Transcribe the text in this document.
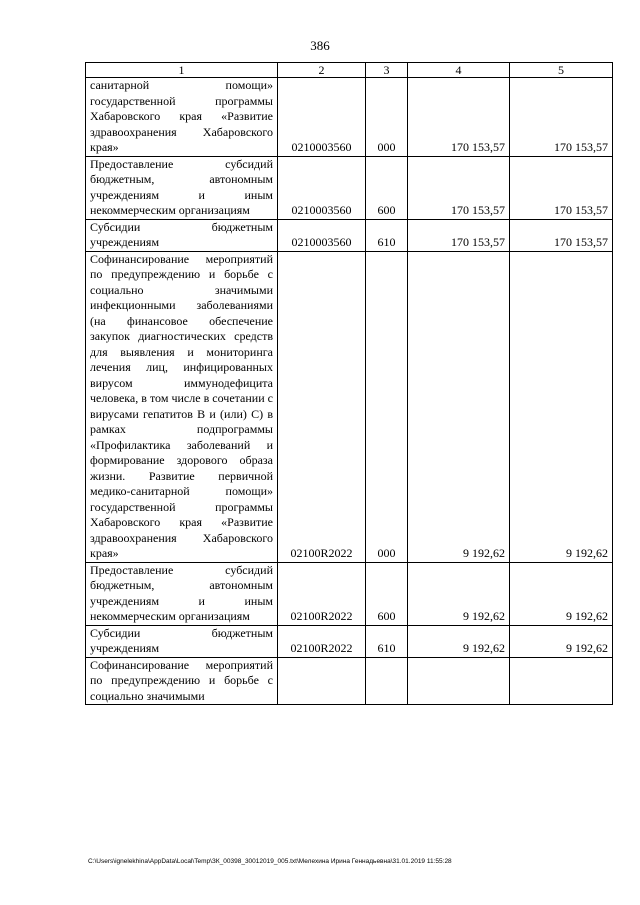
386
1	2	3	4	5
санитарной помощи» государственной программы Хабаровского края «Развитие здравоохранения Хабаровского края»	0210003560	000	170 153,57	170 153,57
Предоставление субсидий бюджетным, автономным учреждениям и иным некоммерческим организациям	0210003560	600	170 153,57	170 153,57
Субсидии бюджетным учреждениям	0210003560	610	170 153,57	170 153,57
Софинансирование мероприятий по предупреждению и борьбе с социально значимыми инфекционными заболеваниями (на финансовое обеспечение закупок диагностических средств для выявления и мониторинга лечения лиц, инфицированных вирусом иммунодефицита человека, в том числе в сочетании с вирусами гепатитов B и (или) C) в рамках подпрограммы «Профилактика заболеваний и формирование здорового образа жизни. Развитие первичной медико-санитарной помощи» государственной программы Хабаровского края «Развитие здравоохранения Хабаровского края»	02100R2022	000	9 192,62	9 192,62
Предоставление субсидий бюджетным, автономным учреждениям и иным некоммерческим организациям	02100R2022	600	9 192,62	9 192,62
Субсидии бюджетным учреждениям	02100R2022	610	9 192,62	9 192,62
Софинансирование мероприятий по предупреждению и борьбе с социально значимыми				
C:\Users\ignelekhina\AppData\Local\Temp\ЗК_00398_30012019_005.txt\Мелехина Ирина Геннадьевна\31.01.2019 11:55:28
